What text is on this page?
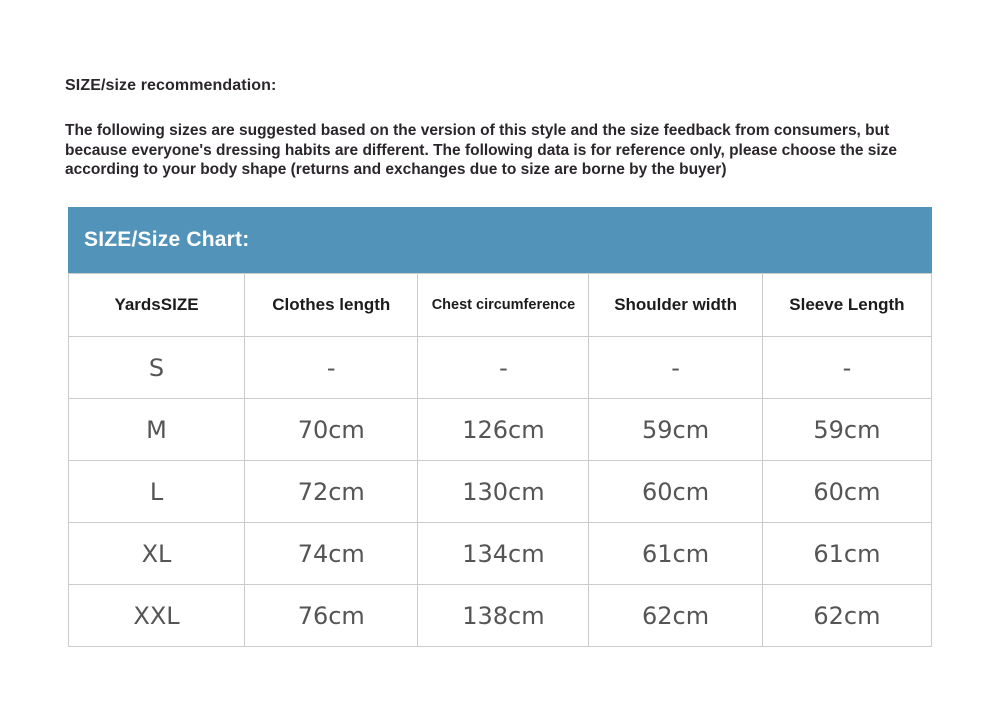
SIZE/size recommendation:
The following sizes are suggested based on the version of this style and the size feedback from consumers, but because everyone's dressing habits are different. The following data is for reference only, please choose the size according to your body shape (returns and exchanges due to size are borne by the buyer)
SIZE/Size Chart:
YardsSIZE	Clothes length	Chest circumference	Shoulder width	Sleeve Length
S	-	-	-	-
M	70cm	126cm	59cm	59cm
L	72cm	130cm	60cm	60cm
XL	74cm	134cm	61cm	61cm
XXL	76cm	138cm	62cm	62cm
